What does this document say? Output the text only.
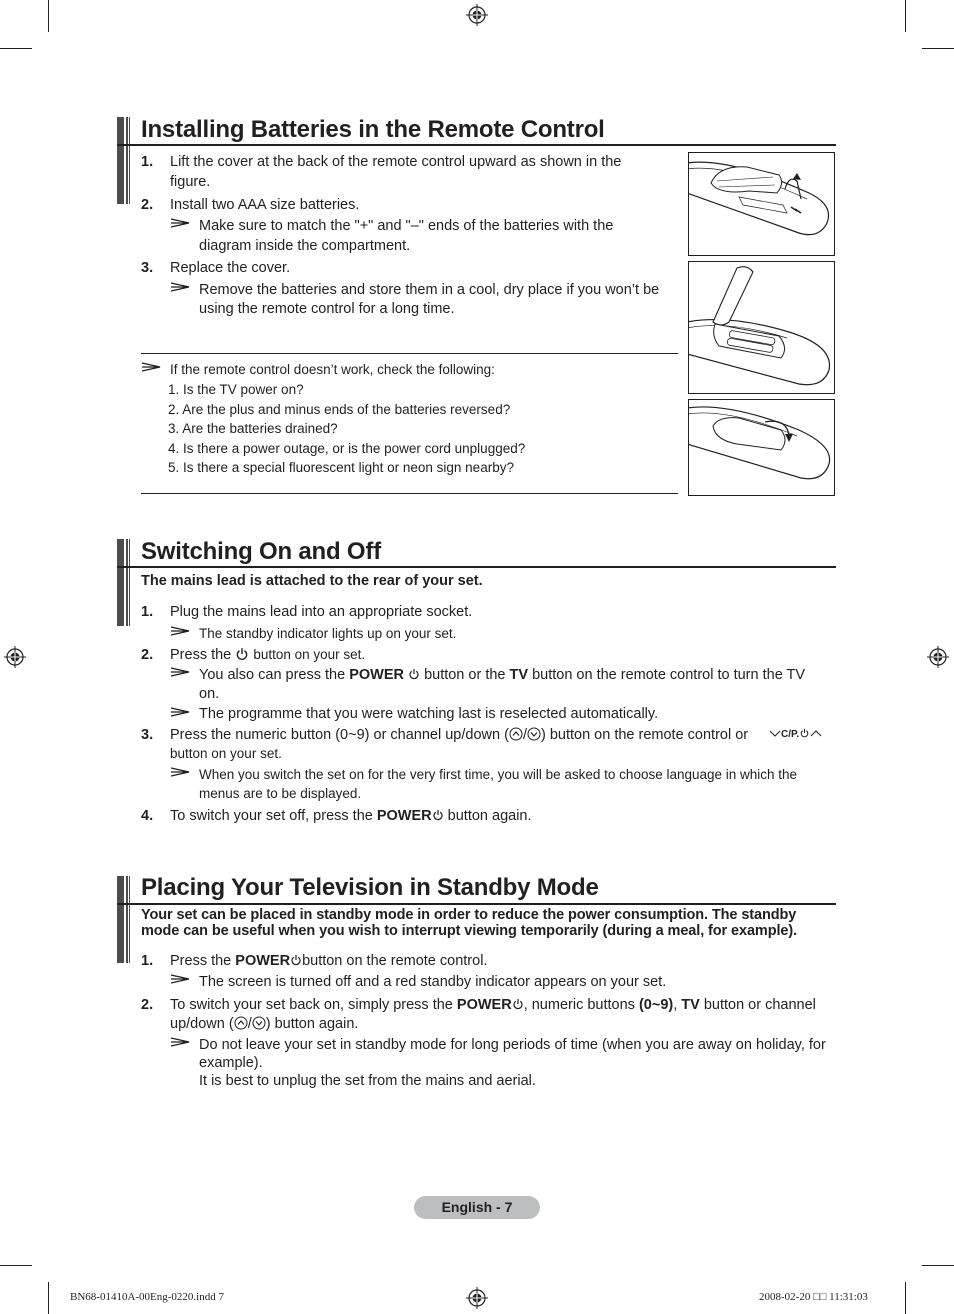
Installing Batteries in the Remote Control
1. Lift the cover at the back of the remote control upward as shown in the
figure.
2. Install two AAA size batteries.
Make sure to match the "+" and "–" ends of the batteries with the
diagram inside the compartment.
3. Replace the cover.
Remove the batteries and store them in a cool, dry place if you won’t be
using the remote control for a long time.
If the remote control doesn’t work, check the following:
1. Is the TV power on?
2. Are the plus and minus ends of the batteries reversed?
3. Are the batteries drained?
4. Is there a power outage, or is the power cord unplugged?
5. Is there a special fluorescent light or neon sign nearby?
Switching On and Off
The mains lead is attached to the rear of your set.
1. Plug the mains lead into an appropriate socket.
The standby indicator lights up on your set.
2. Press the button on your set.
You also can press the POWER button or the TV button on the remote control to turn the TV
on.
The programme that you were watching last is reselected automatically.
3. Press the numeric button (0~9) or channel up/down ( / ) button on the remote control or	C/P.
button on your set.
When you switch the set on for the very first time, you will be asked to choose language in which the
menus are to be displayed.
4. To switch your set off, press the POWER button again.
Placing Your Television in Standby Mode
Your set can be placed in standby mode in order to reduce the power consumption. The standby
mode can be useful when you wish to interrupt viewing temporarily (during a meal, for example).
1. Press the POWER button on the remote control.
The screen is turned off and a red standby indicator appears on your set.
2. To switch your set back on, simply press the POWER , numeric buttons (0~9), TV button or channel
up/down ( / ) button again.
Do not leave your set in standby mode for long periods of time (when you are away on holiday, for
example).
It is best to unplug the set from the mains and aerial.
English - 7
BN68-01410A-00Eng-0220.indd 7	2008-02-20 □□ 11:31:03
